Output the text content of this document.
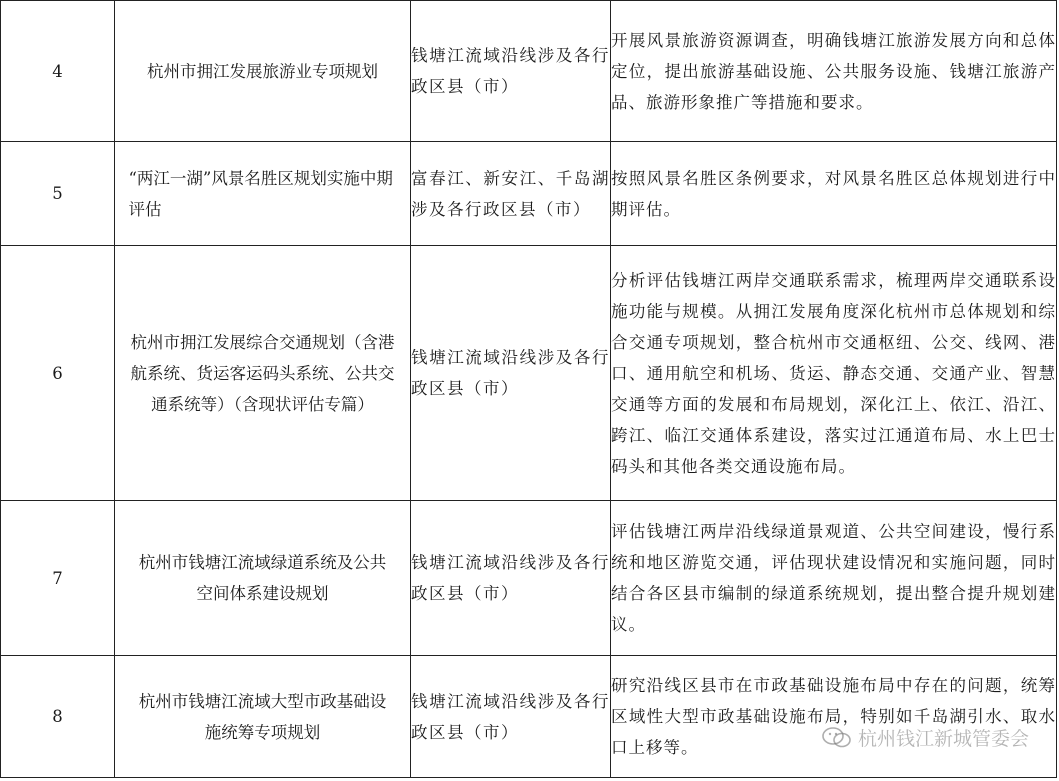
4	杭州市拥江发展旅游业专项规划	钱塘江流域沿线涉及各行政区县（市）	开展风景旅游资源调查，明确钱塘江旅游发展方向和总体定位，提出旅游基础设施、公共服务设施、钱塘江旅游产品、旅游形象推广等措施和要求。
5	“两江一湖”风景名胜区规划实施中期评估	富春江、新安江、千岛湖涉及各行政区县（市）	按照风景名胜区条例要求，对风景名胜区总体规划进行中期评估。
6	杭州市拥江发展综合交通规划（含港航系统、货运客运码头系统、公共交通系统等）（含现状评估专篇）	钱塘江流域沿线涉及各行政区县（市）	分析评估钱塘江两岸交通联系需求，梳理两岸交通联系设施功能与规模。从拥江发展角度深化杭州市总体规划和综合交通专项规划，整合杭州市交通枢纽、公交、线网、港口、通用航空和机场、货运、静态交通、交通产业、智慧交通等方面的发展和布局规划，深化江上、依江、沿江、跨江、临江交通体系建设，落实过江通道布局、水上巴士码头和其他各类交通设施布局。
7	杭州市钱塘江流域绿道系统及公共空间体系建设规划	钱塘江流域沿线涉及各行政区县（市）	评估钱塘江两岸沿线绿道景观道、公共空间建设，慢行系统和地区游览交通，评估现状建设情况和实施问题，同时结合各区县市编制的绿道系统规划，提出整合提升规划建议。
8	杭州市钱塘江流域大型市政基础设施统筹专项规划	钱塘江流域沿线涉及各行政区县（市）	研究沿线区县市在市政基础设施布局中存在的问题，统筹区域性大型市政基础设施布局，特别如千岛湖引水、取水口上移等。	杭州钱江新城管委会
